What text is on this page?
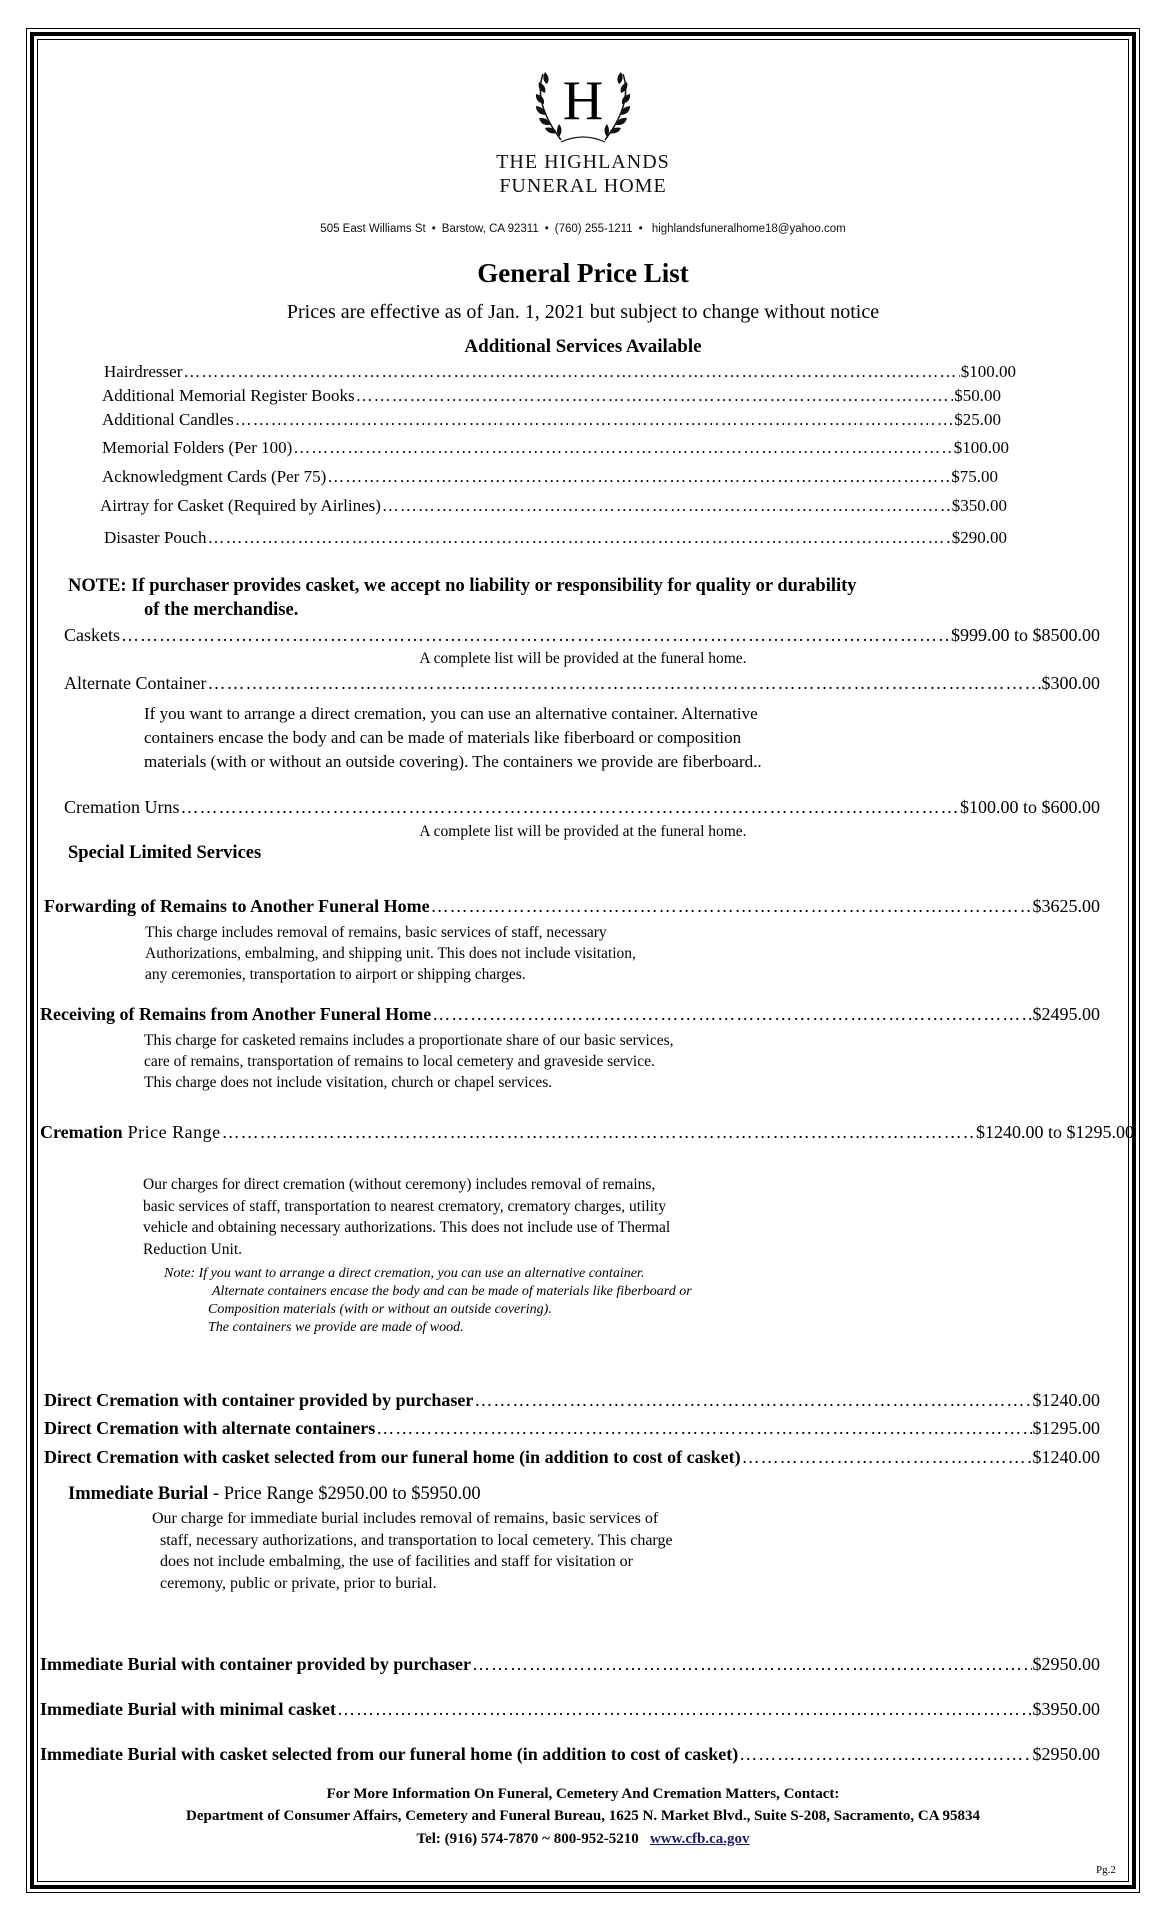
H
THE HIGHLANDS
FUNERAL HOME
505 East Williams St • Barstow, CA 92311 • (760) 255-1211 • highlandsfuneralhome18@yahoo.com
General Price List
Prices are effective as of Jan. 1, 2021 but subject to change without notice
Additional Services Available
Hairdresser …………………………………………………………………………………………………………………………………………………………………………………………………………………………………………	$100.00
Additional Memorial Register Books …………………………………………………………………………………………………………………………………………………………………………………………………………………………………………	$50.00
Additional Candles …………………………………………………………………………………………………………………………………………………………………………………………………………………………………………	$25.00
Memorial Folders (Per 100) …………………………………………………………………………………………………………………………………………………………………………………………………………………………………………	$100.00
Acknowledgment Cards (Per 75) …………………………………………………………………………………………………………………………………………………………………………………………………………………………………………	$75.00
Airtray for Casket (Required by Airlines) …………………………………………………………………………………………………………………………………………………………………………………………………………………………………………	$350.00
Disaster Pouch …………………………………………………………………………………………………………………………………………………………………………………………………………………………………………	$290.00
NOTE: If purchaser provides casket, we accept no liability or responsibility for quality or durability
of the merchandise.
Caskets …………………………………………………………………………………………………………………………………………………………………………………………………………………………………………	$999.00 to $8500.00
A complete list will be provided at the funeral home.
Alternate Container …………………………………………………………………………………………………………………………………………………………………………………………………………………………………………	$300.00
If you want to arrange a direct cremation, you can use an alternative container. Alternative
containers encase the body and can be made of materials like fiberboard or composition
materials (with or without an outside covering). The containers we provide are fiberboard..
Cremation Urns …………………………………………………………………………………………………………………………………………………………………………………………………………………………………………	$100.00 to $600.00
A complete list will be provided at the funeral home.
Special Limited Services
Forwarding of Remains to Another Funeral Home …………………………………………………………………………………………………………………………………………………………………………………………………………………………………………	$3625.00
This charge includes removal of remains, basic services of staff, necessary
Authorizations, embalming, and shipping unit. This does not include visitation,
any ceremonies, transportation to airport or shipping charges.
Receiving of Remains from Another Funeral Home …………………………………………………………………………………………………………………………………………………………………………………………………………………………………………	$2495.00
This charge for casketed remains includes a proportionate share of our basic services,
care of remains, transportation of remains to local cemetery and graveside service.
This charge does not include visitation, church or chapel services.
Cremation Price Range …………………………………………………………………………………………………………………………………………………………………………………………………………………………………………	$1240.00 to $1295.00
Our charges for direct cremation (without ceremony) includes removal of remains,
basic services of staff, transportation to nearest crematory, crematory charges, utility
vehicle and obtaining necessary authorizations. This does not include use of Thermal
Reduction Unit.
Note: If you want to arrange a direct cremation, you can use an alternative container.
Alternate containers encase the body and can be made of materials like fiberboard or
Composition materials (with or without an outside covering).
The containers we provide are made of wood.
Direct Cremation with container provided by purchaser …………………………………………………………………………………………………………………………………………………………………………………………………………………………………………	$1240.00
Direct Cremation with alternate containers …………………………………………………………………………………………………………………………………………………………………………………………………………………………………………	$1295.00
Direct Cremation with casket selected from our funeral home (in addition to cost of casket) …………………………………………………………………………………………………………………………………………………………………………………………………………………………………………	$1240.00
Immediate Burial - Price Range $2950.00 to $5950.00
Our charge for immediate burial includes removal of remains, basic services of
staff, necessary authorizations, and transportation to local cemetery. This charge
does not include embalming, the use of facilities and staff for visitation or
ceremony, public or private, prior to burial.
Immediate Burial with container provided by purchaser …………………………………………………………………………………………………………………………………………………………………………………………………………………………………………	$2950.00
Immediate Burial with minimal casket …………………………………………………………………………………………………………………………………………………………………………………………………………………………………………	$3950.00
Immediate Burial with casket selected from our funeral home (in addition to cost of casket) …………………………………………………………………………………………………………………………………………………………………………………………………………………………………………	$2950.00
For More Information On Funeral, Cemetery And Cremation Matters, Contact:
Department of Consumer Affairs, Cemetery and Funeral Bureau, 1625 N. Market Blvd., Suite S-208, Sacramento, CA 95834
Tel: (916) 574-7870 ~ 800-952-5210 www.cfb.ca.gov
Pg.2
